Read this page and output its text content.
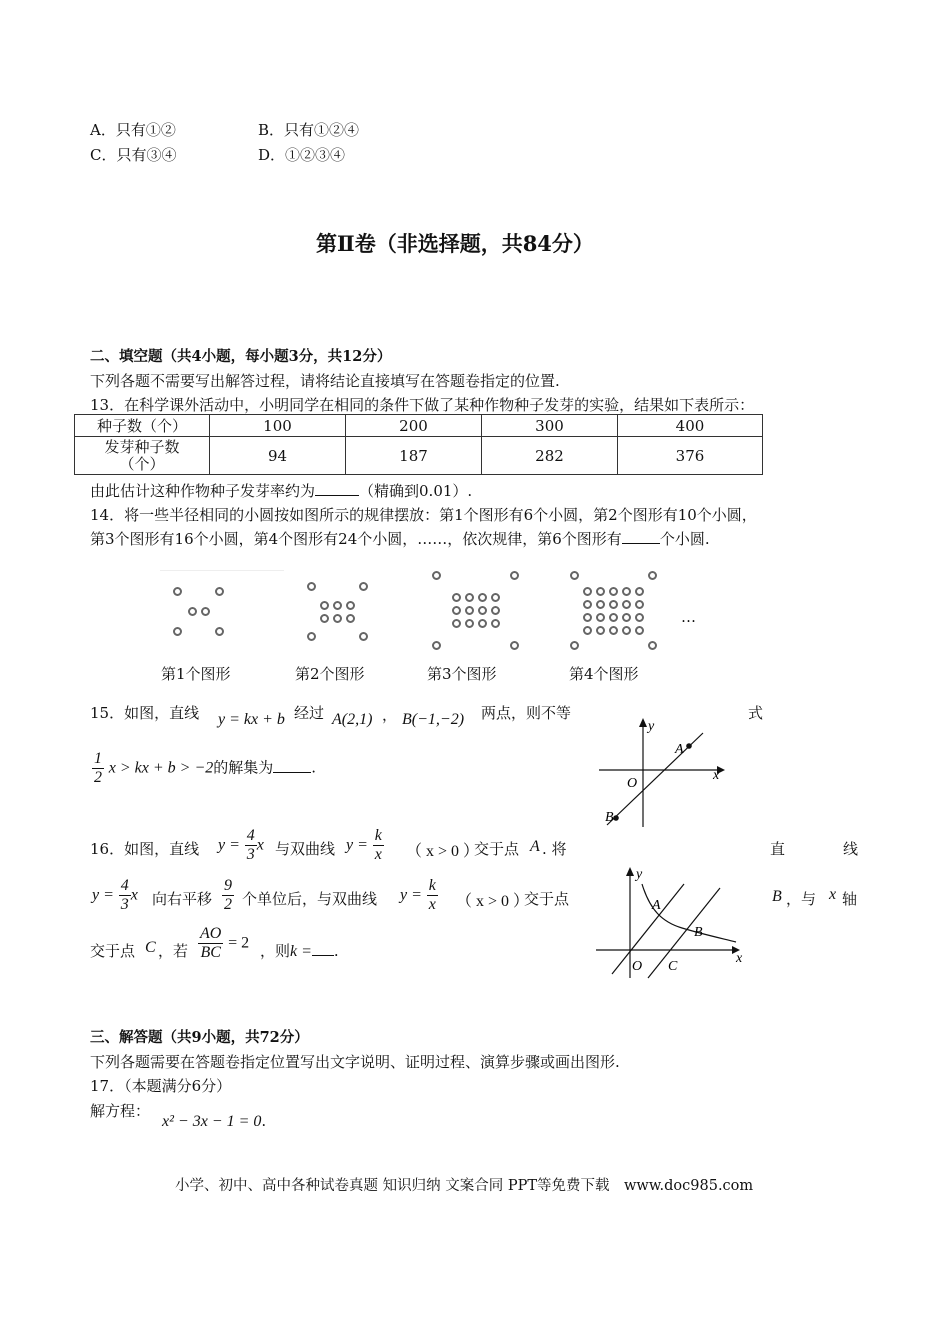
A．只有①②	B．只有①②④
C．只有③④	D．①②③④
第Ⅱ卷（非选择题，共84分）
二、填空题（共4小题，每小题3分，共12分）
下列各题不需要写出解答过程，请将结论直接填写在答题卷指定的位置.
13．在科学课外活动中，小明同学在相同的条件下做了某种作物种子发芽的实验，结果如下表所示：
种子数（个）	100	200	300	400

发芽种子数
（个）	94	187	282	376
由此估计这种作物种子发芽率约为	（精确到0.01）.
14．将一些半径相同的小圆按如图所示的规律摆放：第1个图形有6个小圆，第2个图形有10个小圆，
第3个图形有16个小圆，第4个图形有24个小圆，……，依次规律，第6个图形有	个小圆.
…
第1个图形	第2个图形	第3个图形	第4个图形
15．如图，直线 y = kx + b 经过 A(2,1) ， B(−1,−2) 两点，则不等	式
$\frac{1}{2}$ x > kx + b > −2的解集为	.
y
x
O
A
B
16．如图，直线 $y = \frac{4}{3}$ x 与双曲线 $y = \frac{k}{x}$ （ x > 0 ）
交于点 A . 将	直	线
$y = \frac{4}{3}$ x 向右平移 $\frac{9}{2}$ 个单位后，与双曲线 $y = \frac{k}{x}$ （ x > 0 ）
交于点	B ，与 x 轴
交于点 C ，若 $\frac{AO}{BC} = 2$ ，则k = .
y
x
O
A
B
C
三、解答题（共9小题，共72分）
下列各题需要在答题卷指定位置写出文字说明、证明过程、演算步骤或画出图形.
17．（本题满分6分）
解方程：
x² − 3x − 1 = 0.
小学、初中、高中各种试卷真题 知识归纳 文案合同 PPT等免费下载　www.doc985.com
